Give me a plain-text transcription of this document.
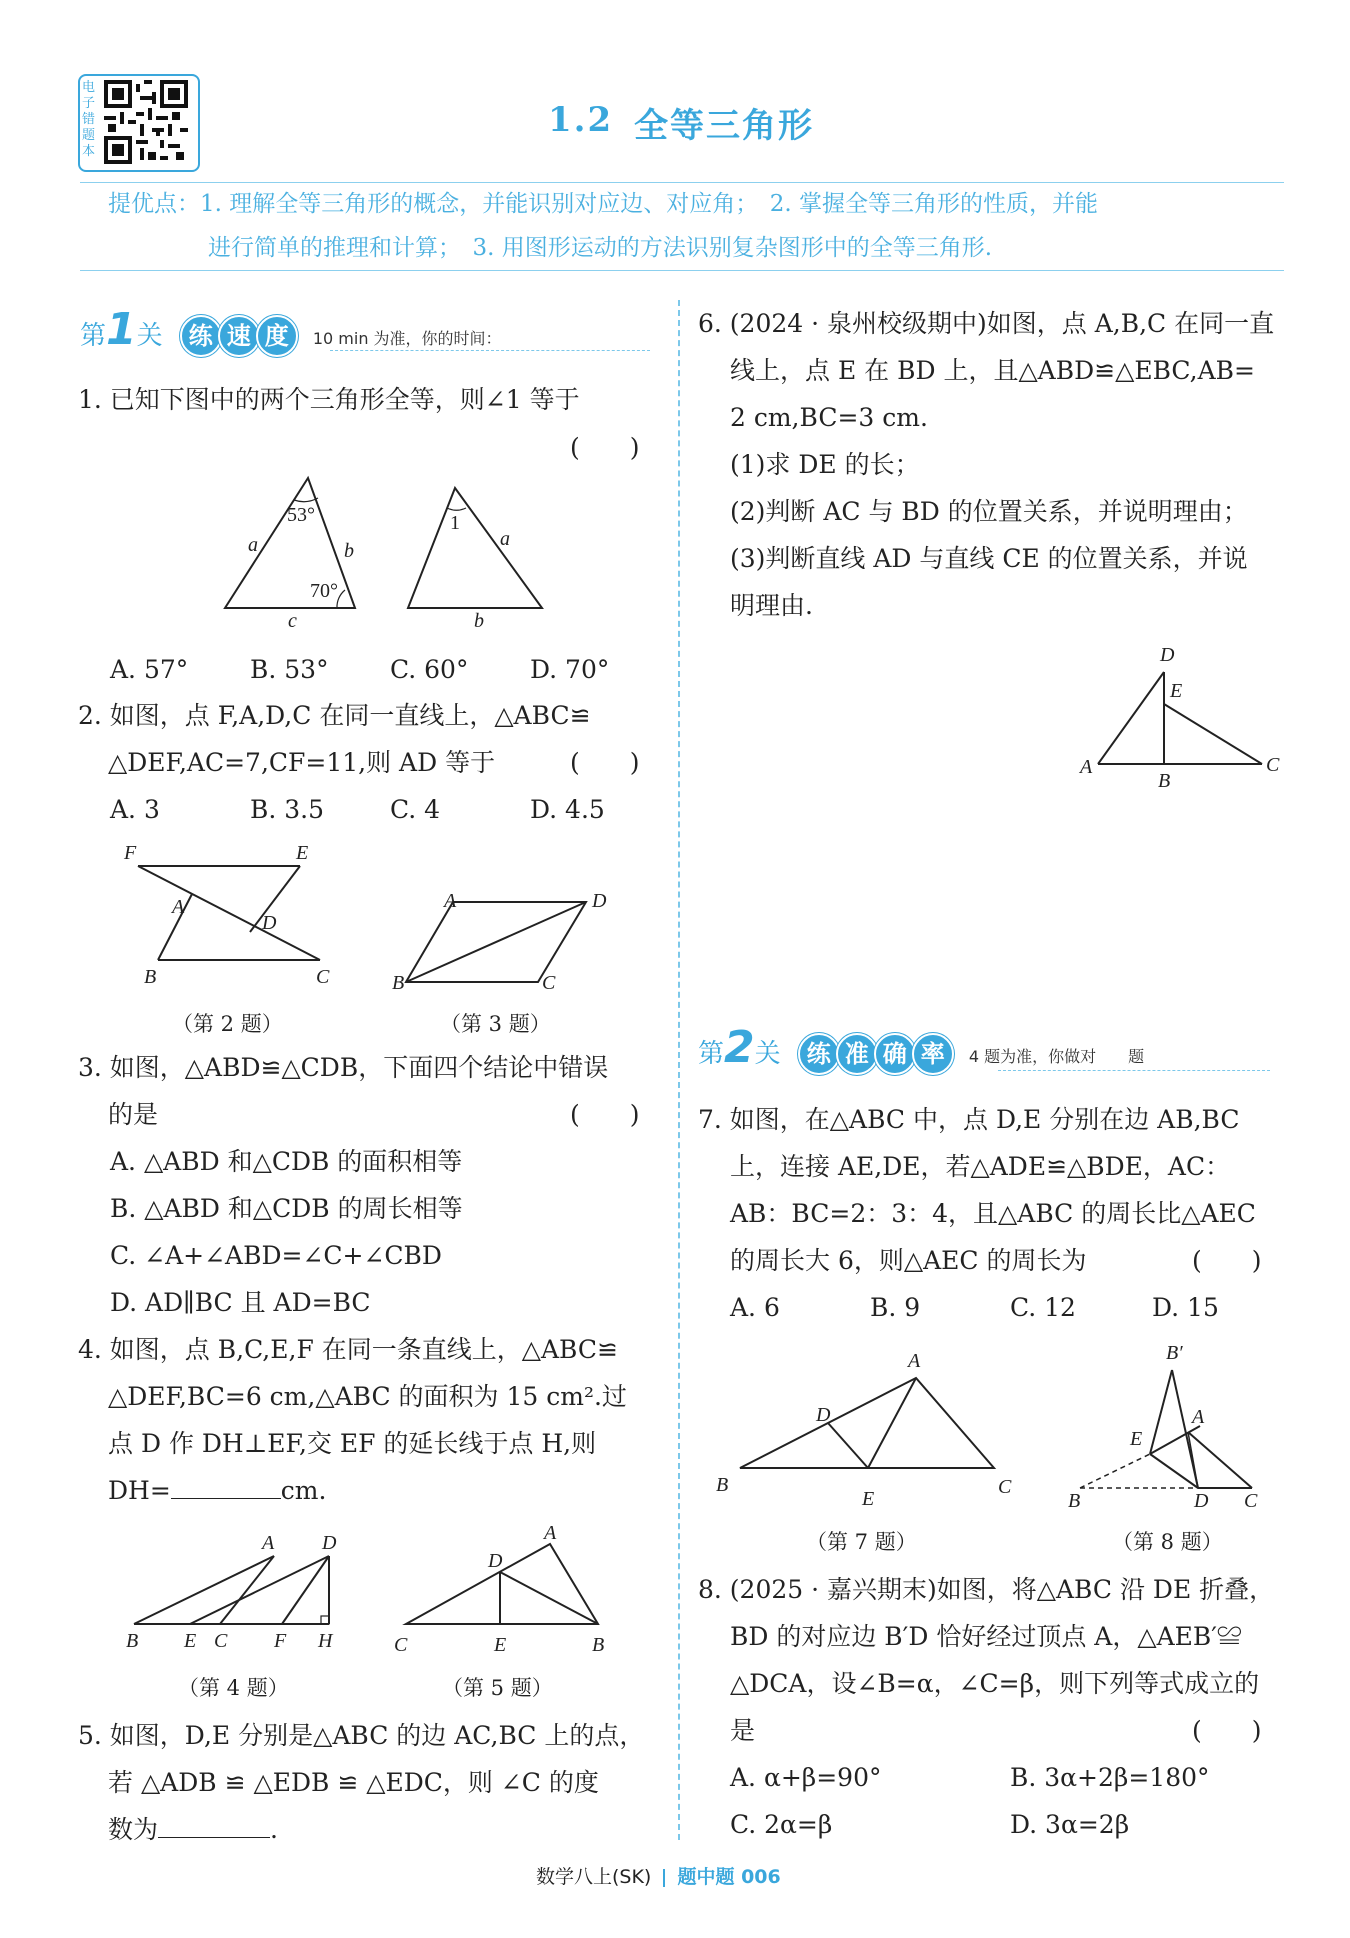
电子错题本
1.2 全等三角形
提优点：1. 理解全等三角形的概念，并能识别对应边、对应角；　2. 掌握全等三角形的性质，并能
进行简单的推理和计算；　3. 用图形运动的方法识别复杂图形中的全等三角形.
第1关 练 速 度 10 min 为准，你的时间：
1. 已知下图中的两个三角形全等，则∠1 等于
(　　)
53°
70°
a	b
c
1
a
b
A. 57° B. 53° C. 60° D. 70°
2. 如图，点 F,A,D,C 在同一直线上，△ABC≌
△DEF,AC=7,CF=11,则 AD 等于	(　　)
A. 3	B. 3.5	C. 4	D. 4.5
F	E
A
D
B	C
（第 2 题）
A	D
B	C
（第 3 题）
3. 如图，△ABD≌△CDB，下面四个结论中错误
的是	(　　)
A. △ABD 和△CDB 的面积相等
B. △ABD 和△CDB 的周长相等
C. ∠A+∠ABD=∠C+∠CBD
D. AD∥BC 且 AD=BC
4. 如图，点 B,C,E,F 在同一条直线上，△ABC≌
△DEF,BC=6 cm,△ABC 的面积为 15 cm².过
点 D 作 DH⊥EF,交 EF 的延长线于点 H,则
DH=	cm.
A D
B E C F H
（第 4 题）
A
D
C	E	B
（第 5 题）
5. 如图，D,E 分别是△ABC 的边 AC,BC 上的点，
若 △ADB ≌ △EDB ≌ △EDC，则 ∠C 的度
数为	.
6. (2024 · 泉州校级期中)如图，点 A,B,C 在同一直
线上，点 E 在 BD 上，且△ABD≌△EBC,AB=
2 cm,BC=3 cm.
(1)求 DE 的长；
(2)判断 AC 与 BD 的位置关系，并说明理由；
(3)判断直线 AD 与直线 CE 的位置关系，并说
明理由.
D
E
A
B
C
第2关 练 准 确 率 4 题为准，你做对　　题
7. 如图，在△ABC 中，点 D,E 分别在边 AB,BC
上，连接 AE,DE，若△ADE≌△BDE，AC：
AB：BC=2：3：4，且△ABC 的周长比△AEC
的周长大 6，则△AEC 的周长为	(　　)
A. 6	B. 9	C. 12	D. 15
A
D
B
E
C
（第 7 题）
B′
A
E
B	D C
（第 8 题）
8. (2025 · 嘉兴期末)如图，将△ABC 沿 DE 折叠，
BD 的对应边 B′D 恰好经过顶点 A，△AEB′≌
△DCA，设∠B=α，∠C=β，则下列等式成立的
是	(　　)
A. α+β=90°	B. 3α+2β=180°
C. 2α=β	D. 3α=2β
数学八上(SK) 题中题 006
